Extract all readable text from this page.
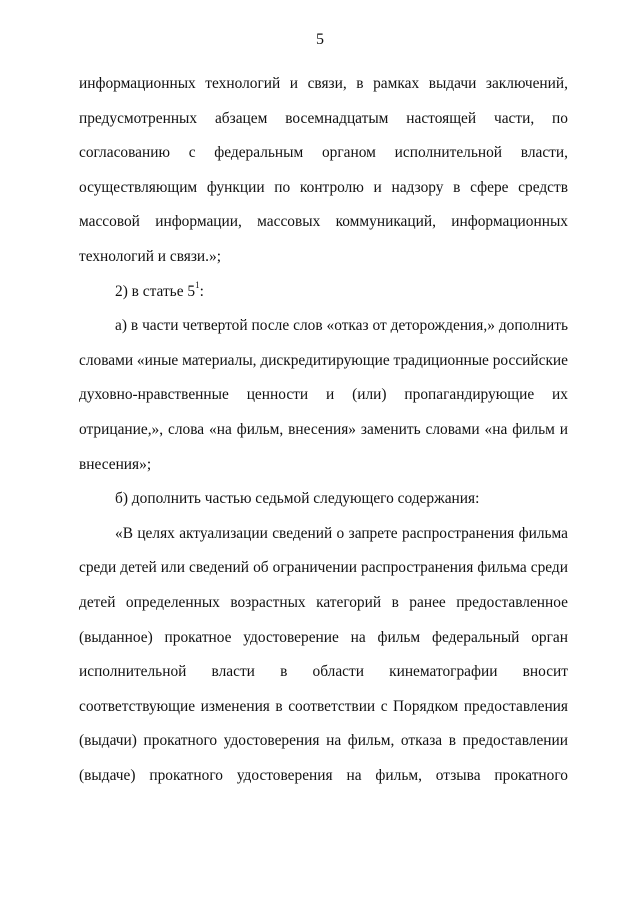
5

информационных технологий и связи, в рамках выдачи заключений,

предусмотренных абзацем восемнадцатым настоящей части, по

согласованию с федеральным органом исполнительной власти,

осуществляющим функции по контролю и надзору в сфере средств

массовой информации, массовых коммуникаций, информационных

технологий и связи.»;

2) в статье $5^1$:

а) в части четвертой после слов «отказ от деторождения,» дополнить

словами «иные материалы, дискредитирующие традиционные российские

духовно-нравственные ценности и (или) пропагандирующие их

отрицание,», слова «на фильм, внесения» заменить словами «на фильм и

внесения»;

б) дополнить частью седьмой следующего содержания:

«В целях актуализации сведений о запрете распространения фильма

среди детей или сведений об ограничении распространения фильма среди

детей определенных возрастных категорий в ранее предоставленное

(выданное) прокатное удостоверение на фильм федеральный орган

исполнительной власти в области кинематографии вносит

соответствующие изменения в соответствии с Порядком предоставления

(выдачи) прокатного удостоверения на фильм, отказа в предоставлении

(выдаче) прокатного удостоверения на фильм, отзыва прокатного
